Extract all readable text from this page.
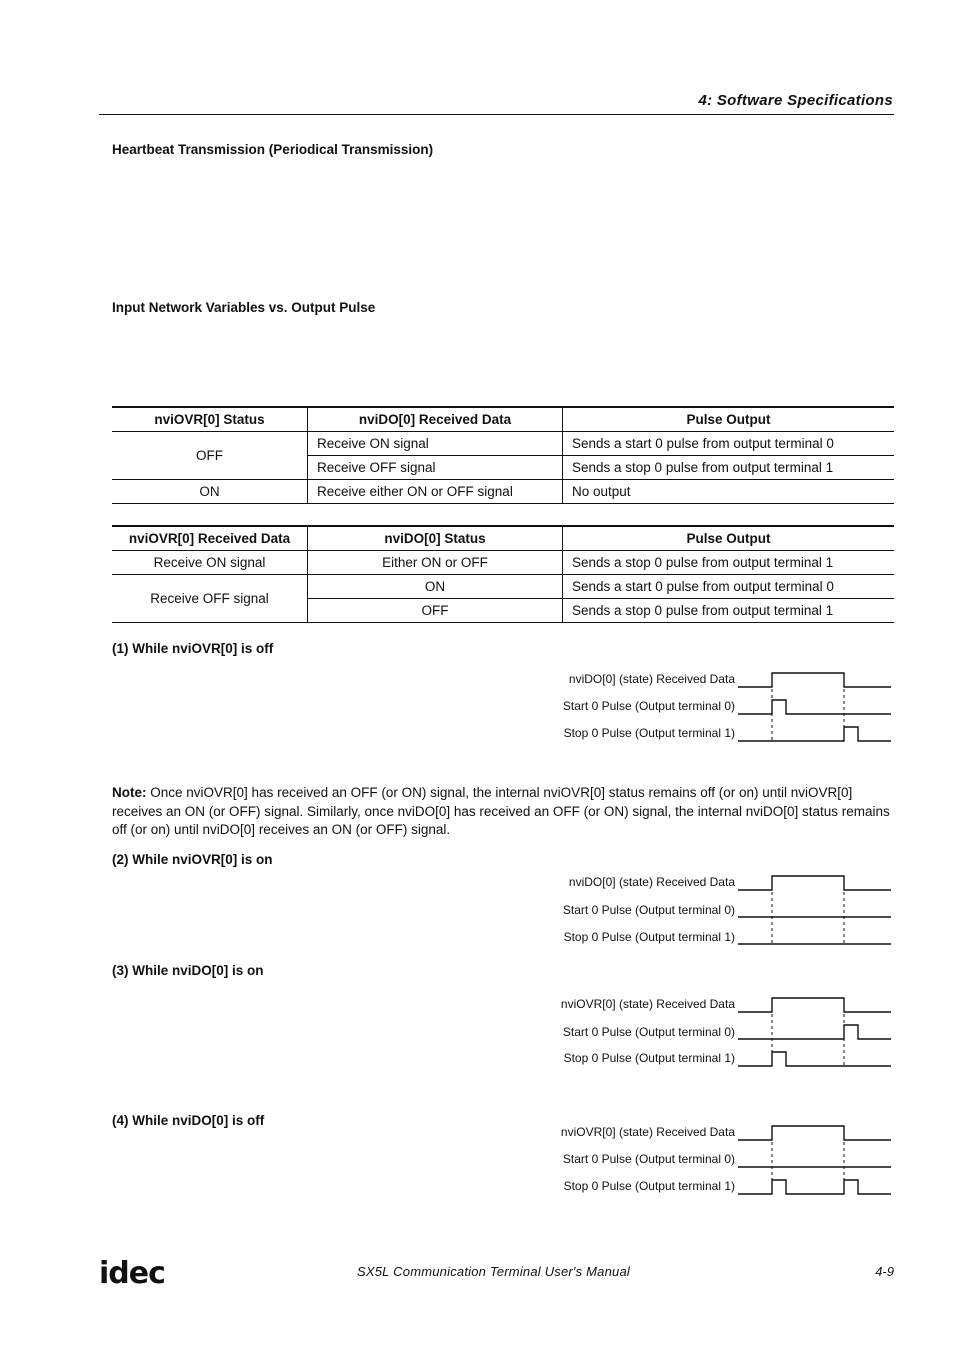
4: Software Specifications
Heartbeat Transmission (Periodical Transmission)
Input Network Variables vs. Output Pulse
nviOVR[0] Status	nviDO[0] Received Data	Pulse Output
OFF	Receive ON signal	Sends a start 0 pulse from output terminal 0
	Receive OFF signal	Sends a stop 0 pulse from output terminal 1
ON	Receive either ON or OFF signal	No output
nviOVR[0] Received Data	nviDO[0] Status	Pulse Output
Receive ON signal	Either ON or OFF	Sends a stop 0 pulse from output terminal 1
Receive OFF signal	ON	Sends a start 0 pulse from output terminal 0
	OFF	Sends a stop 0 pulse from output terminal 1
(1) While nviOVR[0] is off
nviDO[0] (state) Received Data
Start 0 Pulse (Output terminal 0)
Stop 0 Pulse (Output terminal 1)
Note: Once nviOVR[0] has received an OFF (or ON) signal, the internal nviOVR[0] status remains off (or on) until nviOVR[0] receives an ON (or OFF) signal. Similarly, once nviDO[0] has received an OFF (or ON) signal, the internal nviDO[0] status remains off (or on) until nviDO[0] receives an ON (or OFF) signal.
(2) While nviOVR[0] is on
nviDO[0] (state) Received Data
Start 0 Pulse (Output terminal 0)
Stop 0 Pulse (Output terminal 1)
(3) While nviDO[0] is on
nviOVR[0] (state) Received Data
Start 0 Pulse (Output terminal 0)
Stop 0 Pulse (Output terminal 1)
(4) While nviDO[0] is off
nviOVR[0] (state) Received Data
Start 0 Pulse (Output terminal 0)
Stop 0 Pulse (Output terminal 1)
idec	SX5L Communication Terminal User's Manual	4-9
